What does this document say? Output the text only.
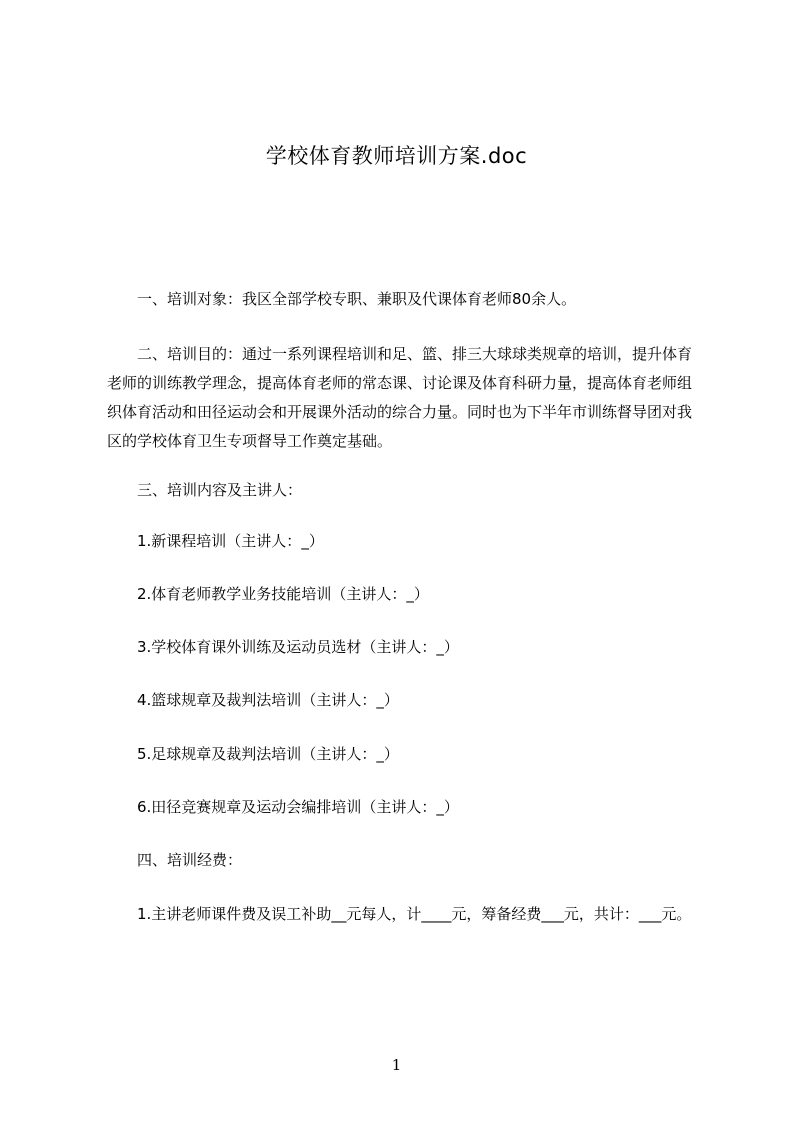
学校体育教师培训方案.doc
一、培训对象：我区全部学校专职、兼职及代课体育老师80余人。

二、培训目的：通过一系列课程培训和足、篮、排三大球球类规章的培训，提升体育老师的训练教学理念，提高体育老师的常态课、讨论课及体育科研力量，提高体育老师组织体育活动和田径运动会和开展课外活动的综合力量。同时也为下半年市训练督导团对我区的学校体育卫生专项督导工作奠定基础。

三、培训内容及主讲人：
1.新课程培训（主讲人：_）
2.体育老师教学业务技能培训（主讲人：_）
3.学校体育课外训练及运动员选材（主讲人：_）
4.篮球规章及裁判法培训（主讲人：_）
5.足球规章及裁判法培训（主讲人：_）
6.田径竞赛规章及运动会编排培训（主讲人：_）
四、培训经费：

1.主讲老师课件费及误工补助__元每人，计____元，筹备经费___元，共计：___元。

1
